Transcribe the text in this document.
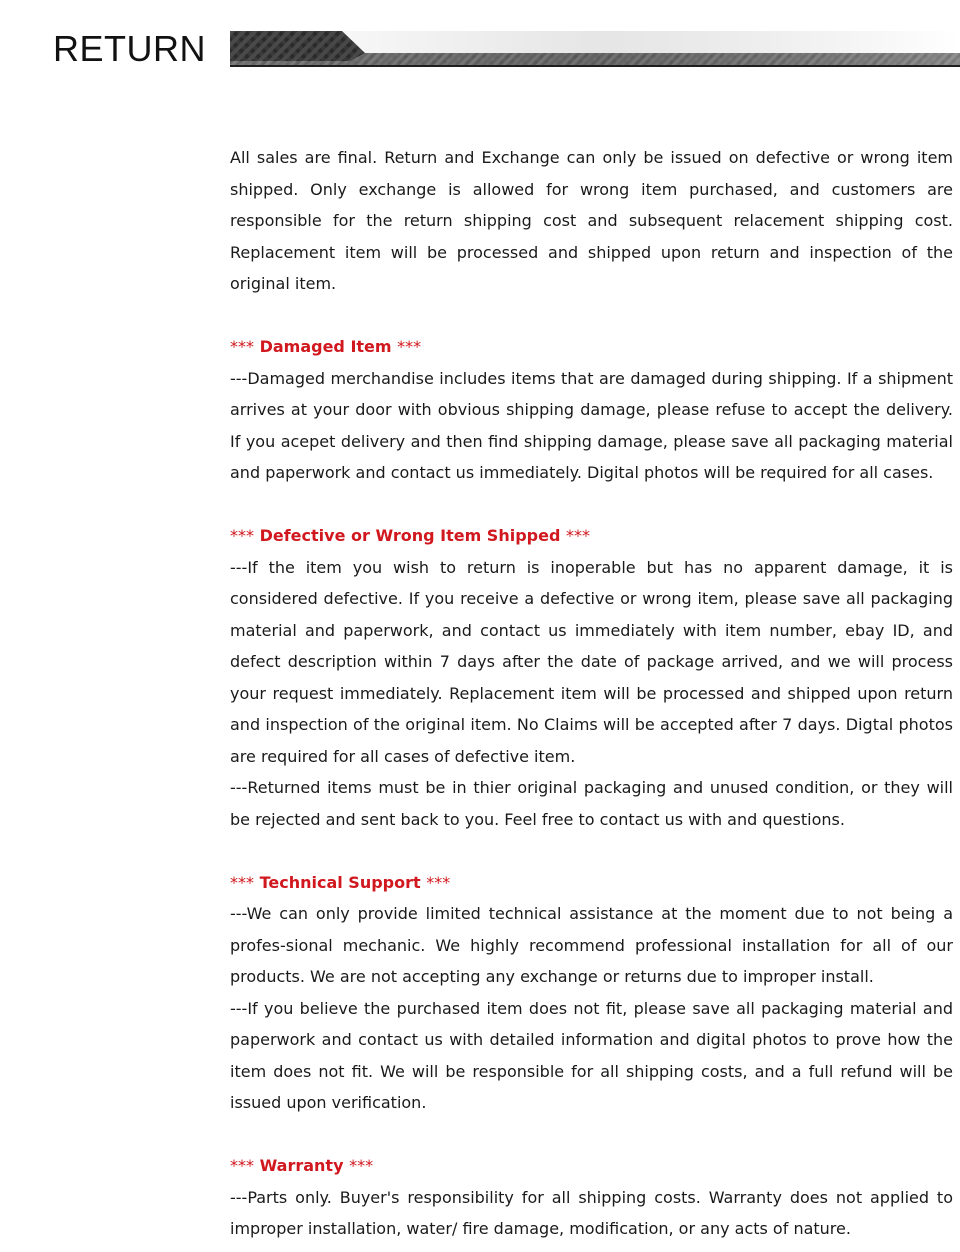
RETURN

All sales are final. Return and Exchange can only be issued on defective or wrong item shipped. Only exchange is allowed for wrong item purchased, and customers are responsible for the return shipping cost and subsequent relacement shipping cost. Replacement item will be processed and shipped upon return and inspection of the original item.

*** Damaged Item ***

---Damaged merchandise includes items that are damaged during shipping. If a shipment arrives at your door with obvious shipping damage, please refuse to accept the delivery. If you acepet delivery and then find shipping damage, please save all packaging material and paperwork and contact us immediately. Digital photos will be required for all cases.

*** Defective or Wrong Item Shipped ***

---If the item you wish to return is inoperable but has no apparent damage, it is considered defective. If you receive a defective or wrong item, please save all packaging material and paperwork, and contact us immediately with item number, ebay ID, and defect description within 7 days after the date of package arrived, and we will process your request immediately. Replacement item will be processed and shipped upon return and inspection of the original item. No Claims will be accepted after 7 days. Digtal photos are required for all cases of defective item.

---Returned items must be in thier original packaging and unused condition, or they will be rejected and sent back to you. Feel free to contact us with and questions.

*** Technical Support ***

---We can only provide limited technical assistance at the moment due to not being a profes-sional mechanic. We highly recommend professional installation for all of our products. We are not accepting any exchange or returns due to improper install.

---If you believe the purchased item does not fit, please save all packaging material and paperwork and contact us with detailed information and digital photos to prove how the item does not fit. We will be responsible for all shipping costs, and a full refund will be issued upon verification.

*** Warranty ***

---Parts only. Buyer's responsibility for all shipping costs. Warranty does not applied to improper installation, water/ fire damage, modification, or any acts of nature.
